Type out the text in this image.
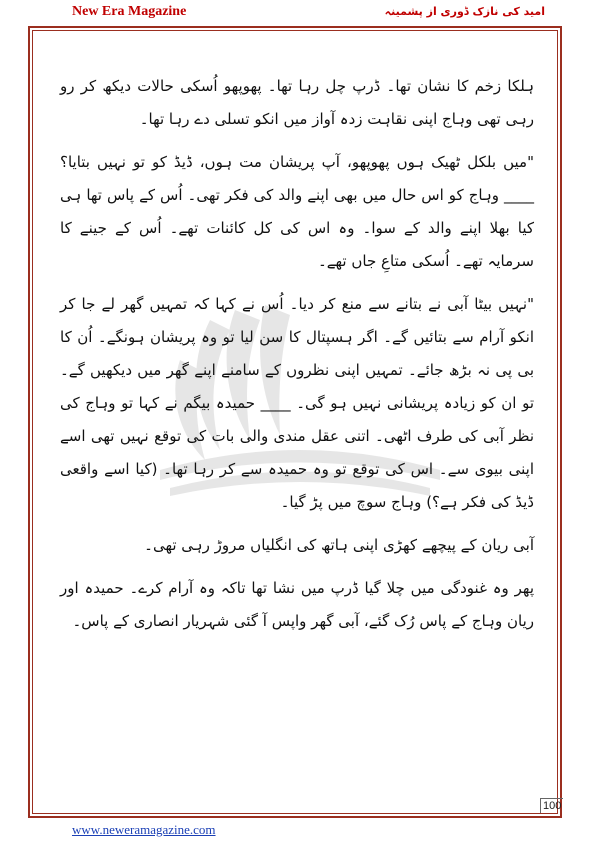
New Era Magazine	امید کی نازک ڈوری از پشمینہ

ہلکا زخم کا نشان تھا۔ ڈرپ چل رہا تھا۔ پھوپھو اُسکی حالات دیکھ کر رو رہی تھی وہاج اپنی نقاہت زدہ آواز میں انکو تسلی دے رہا تھا۔

"میں بلکل ٹھیک ہوں پھوپھو، آپ پریشان مت ہوں، ڈیڈ کو تو نہیں بتایا؟ ____ وہاج کو اس حال میں بھی اپنے والد کی فکر تھی۔ اُس کے پاس تھا ہی کیا بھلا اپنے والد کے سوا۔ وہ اس کی کل کائنات تھے۔ اُس کے جینے کا سرمایہ تھے۔ اُسکی متاعِ جاں تھے۔

"نہیں بیٹا آبی نے بتانے سے منع کر دیا۔ اُس نے کہا کہ تمہیں گھر لے جا کر انکو آرام سے بتائیں گے۔ اگر ہسپتال کا سن لیا تو وہ پریشان ہونگے۔ اُن کا بی پی نہ بڑھ جائے۔ تمہیں اپنی نظروں کے سامنے اپنے گھر میں دیکھیں گے۔ تو ان کو زیادہ پریشانی نہیں ہو گی۔ ____ حمیدہ بیگم نے کہا تو وہاج کی نظر آبی کی طرف اٹھی۔ اتنی عقل مندی والی بات کی توقع نہیں تھی اسے اپنی بیوی سے۔ اس کی توقع تو وہ حمیدہ سے کر رہا تھا۔ (کیا اسے واقعی ڈیڈ کی فکر ہے؟) وہاج سوچ میں پڑ گیا۔

آبی ریان کے پیچھے کھڑی اپنی ہاتھ کی انگلیاں مروڑ رہی تھی۔

پھر وہ غنودگی میں چلا گیا ڈرپ میں نشا تھا تاکہ وہ آرام کرے۔ حمیدہ اور ریان وہاج کے پاس رُک گئے، آبی گھر واپس آ گئی شہریار انصاری کے پاس۔

100
www.neweramagazine.com
